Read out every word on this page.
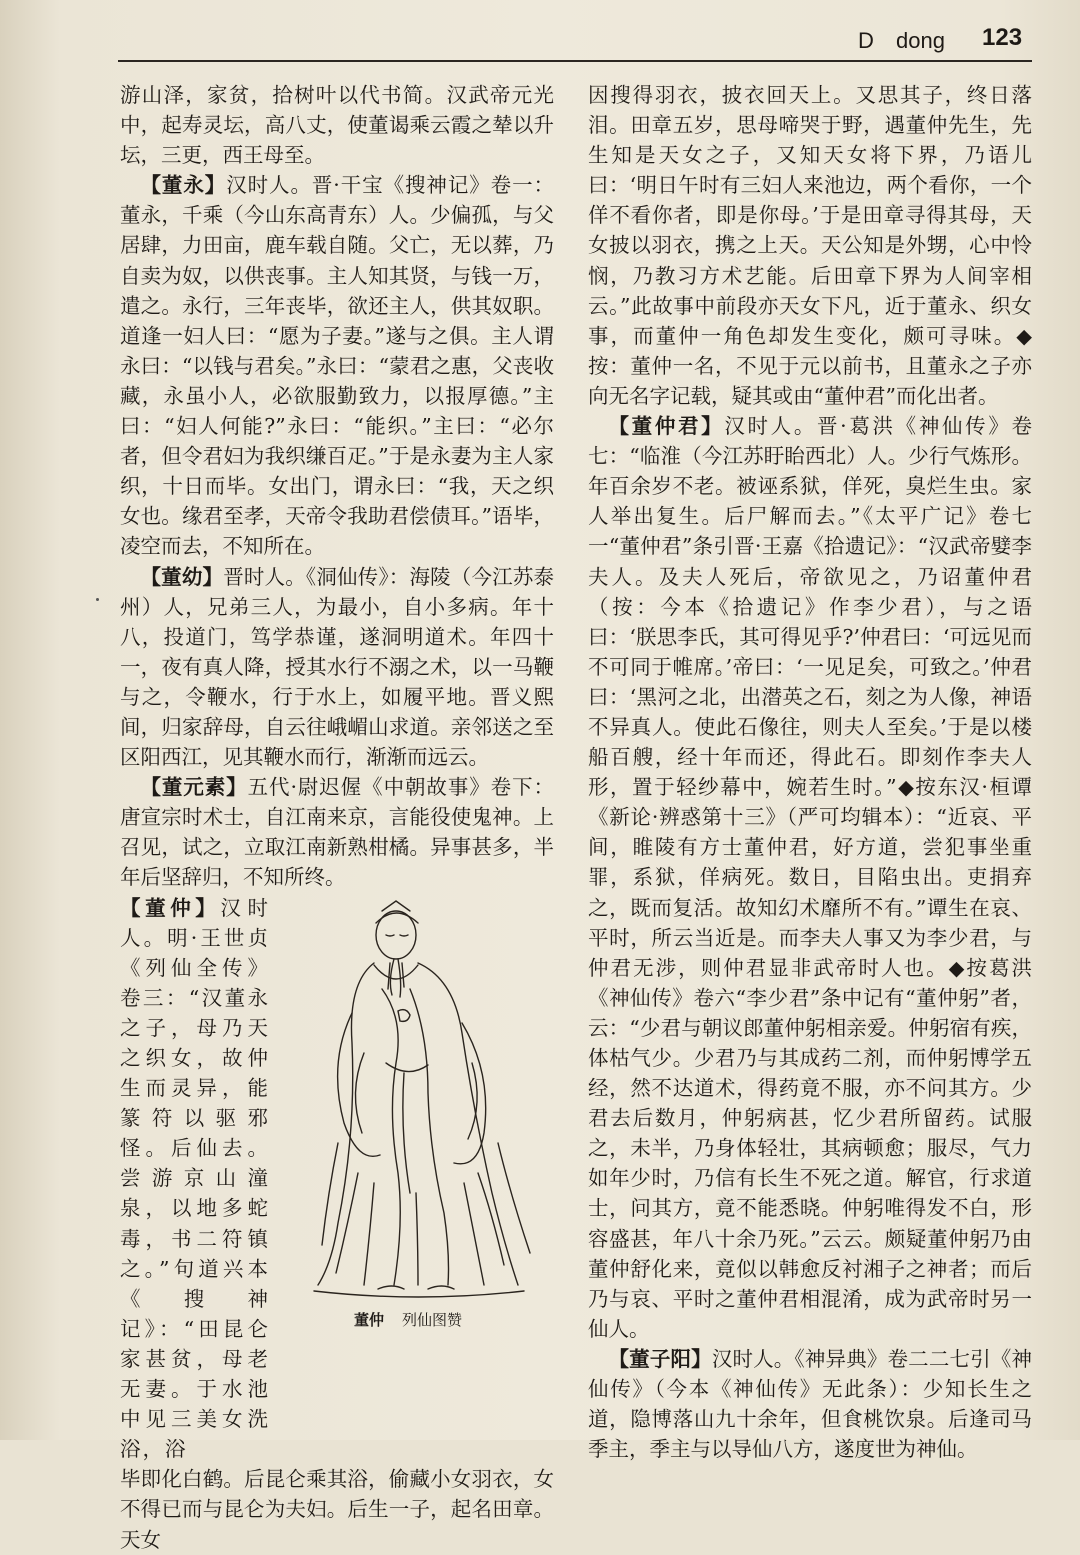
D dong 123

游山泽，家贫，拾树叶以代书简。汉武帝元光中，起寿灵坛，高八丈，使董谒乘云霞之辇以升坛，三更，西王母至。

【董永】汉时人。晋·干宝《搜神记》卷一：董永，千乘（今山东高青东）人。少偏孤，与父居肆，力田亩，鹿车载自随。父亡，无以葬，乃自卖为奴，以供丧事。主人知其贤，与钱一万，遣之。永行，三年丧毕，欲还主人，供其奴职。道逢一妇人曰：“愿为子妻。”遂与之俱。主人谓永曰：“以钱与君矣。”永曰：“蒙君之惠，父丧收藏，永虽小人，必欲服勤致力，以报厚德。”主曰：“妇人何能?”永曰：“能织。”主曰：“必尔者，但令君妇为我织缣百疋。”于是永妻为主人家织，十日而毕。女出门，谓永曰：“我，天之织女也。缘君至孝，天帝令我助君偿债耳。”语毕，凌空而去，不知所在。

【董幼】晋时人。《洞仙传》：海陵（今江苏泰州）人，兄弟三人，为最小，自小多病。年十八，投道门，笃学恭谨，遂洞明道术。年四十一，夜有真人降，授其水行不溺之术，以一马鞭与之，令鞭水，行于水上，如履平地。晋义熙间，归家辞母，自云往峨嵋山求道。亲邻送之至区阳西江，见其鞭水而行，渐渐而远云。

【董元素】五代·尉迟偓《中朝故事》卷下：唐宣宗时术士，自江南来京，言能役使鬼神。上召见，试之，立取江南新熟柑橘。异事甚多，半年后坚辞归，不知所终。

【董仲】汉时人。明·王世贞《列仙全传》卷三：“汉董永之子，母乃天之织女，故仲生而灵异，能篆符以驱邪怪。后仙去。尝游京山潼泉，以地多蛇毒，书二符镇之。”句道兴本《搜神记》：“田昆仑家甚贫，母老无妻。于水池中见三美女洗浴，浴
董仲 列仙图赞

毕即化白鹤。后昆仑乘其浴，偷藏小女羽衣，女不得已而与昆仑为夫妇。后生一子，起名田章。天女

因搜得羽衣，披衣回天上。又思其子，终日落泪。田章五岁，思母啼哭于野，遇董仲先生，先生知是天女之子，又知天女将下界，乃语儿曰：‘明日午时有三妇人来池边，两个看你，一个佯不看你者，即是你母。’于是田章寻得其母，天女披以羽衣，携之上天。天公知是外甥，心中怜悯，乃教习方术艺能。后田章下界为人间宰相云。”此故事中前段亦天女下凡，近于董永、织女事，而董仲一角色却发生变化，颇可寻味。◆按：董仲一名，不见于元以前书，且董永之子亦向无名字记载，疑其或由“董仲君”而化出者。

【董仲君】汉时人。晋·葛洪《神仙传》卷七：“临淮（今江苏盱眙西北）人。少行气炼形。年百余岁不老。被诬系狱，佯死，臭烂生虫。家人举出复生。后尸解而去。”《太平广记》卷七一“董仲君”条引晋·王嘉《拾遗记》：“汉武帝嬖李夫人。及夫人死后，帝欲见之，乃诏董仲君（按：今本《拾遗记》作李少君），与之语曰：‘朕思李氏，其可得见乎?’仲君曰：‘可远见而不可同于帷席。’帝曰：‘一见足矣，可致之。’仲君曰：‘黑河之北，出潜英之石，刻之为人像，神语不异真人。使此石像往，则夫人至矣。’于是以楼船百艘，经十年而还，得此石。即刻作李夫人形，置于轻纱幕中，婉若生时。”◆按东汉·桓谭《新论·辨惑第十三》（严可均辑本）：“近哀、平间，睢陵有方士董仲君，好方道，尝犯事坐重罪，系狱，佯病死。数日，目陷虫出。吏捐弃之，既而复活。故知幻术靡所不有。”谭生在哀、平时，所云当近是。而李夫人事又为李少君，与仲君无涉，则仲君显非武帝时人也。◆按葛洪《神仙传》卷六“李少君”条中记有“董仲躬”者，云：“少君与朝议郎董仲躬相亲爱。仲躬宿有疾，体枯气少。少君乃与其成药二剂，而仲躬博学五经，然不达道术，得药竟不服，亦不问其方。少君去后数月，仲躬病甚，忆少君所留药。试服之，未半，乃身体轻壮，其病顿愈；服尽，气力如年少时，乃信有长生不死之道。解官，行求道士，问其方，竟不能悉晓。仲躬唯得发不白，形容盛甚，年八十余乃死。”云云。颇疑董仲躬乃由董仲舒化来，竟似以韩愈反衬湘子之神者；而后乃与哀、平时之董仲君相混淆，成为武帝时另一仙人。

【董子阳】汉时人。《神异典》卷二二七引《神仙传》（今本《神仙传》无此条）：少知长生之道，隐博落山九十余年，但食桃饮泉。后逢司马季主，季主与以导仙八方，遂度世为神仙。
